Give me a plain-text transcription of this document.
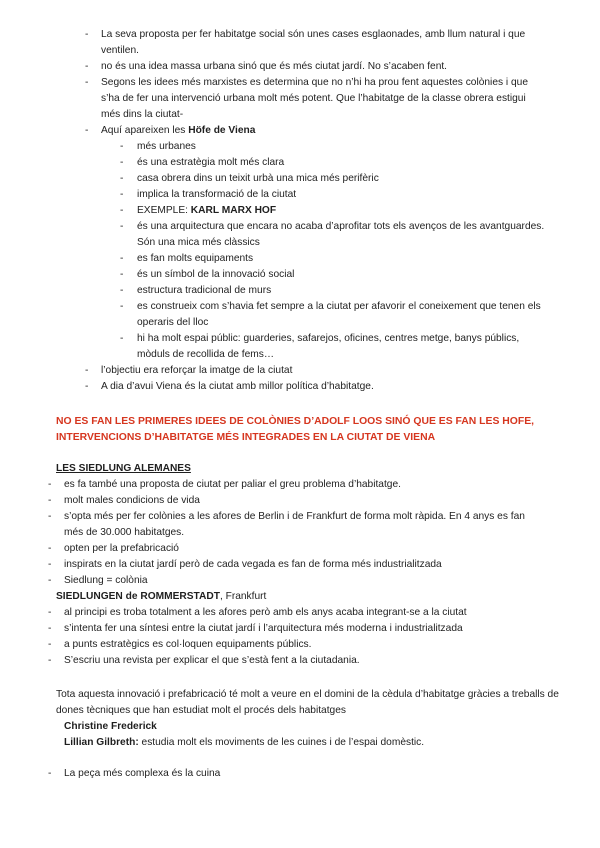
- La seva proposta per fer habitatge social són unes cases esglaonades, amb llum natural i que
ventilen.
- no és una idea massa urbana sinó que és més ciutat jardí. No s’acaben fent.
- Segons les idees més marxistes es determina que no n’hi ha prou fent aquestes colònies i que
s’ha de fer una intervenció urbana molt més potent. Que l’habitatge de la classe obrera estigui
més dins la ciutat-
- Aquí apareixen les Höfe de Viena
- més urbanes
- és una estratègia molt més clara
- casa obrera dins un teixit urbà una mica més perifèric
- implica la transformació de la ciutat
- EXEMPLE: KARL MARX HOF
- és una arquitectura que encara no acaba d’aprofitar tots els avenços de les avantguardes.
Són una mica més clàssics
- es fan molts equipaments
- és un símbol de la innovació social
- estructura tradicional de murs
- es construeix com s’havia fet sempre a la ciutat per afavorir el coneixement que tenen els
operaris del lloc
- hi ha molt espai públic: guarderies, safarejos, oficines, centres metge, banys públics,
mòduls de recollida de fems…
- l’objectiu era reforçar la imatge de la ciutat
- A dia d’avui Viena és la ciutat amb millor política d’habitatge.
NO ES FAN LES PRIMERES IDEES DE COLÒNIES D’ADOLF LOOS SINÓ QUE ES FAN LES HOFE,
INTERVENCIONS D’HABITATGE MÉS INTEGRADES EN LA CIUTAT DE VIENA
LES SIEDLUNG ALEMANES
- es fa també una proposta de ciutat per paliar el greu problema d’habitatge.
- molt males condicions de vida
- s’opta més per fer colònies a les afores de Berlin i de Frankfurt de forma molt ràpida. En 4 anys es fan
més de 30.000 habitatges.
- opten per la prefabricació
- inspirats en la ciutat jardí però de cada vegada es fan de forma més industrialitzada
- Siedlung = colònia
SIEDLUNGEN de ROMMERSTADT, Frankfurt
- al principi es troba totalment a les afores però amb els anys acaba integrant-se a la ciutat
- s’intenta fer una síntesi entre la ciutat jardí i l’arquitectura més moderna i industrialitzada
- a punts estratègics es col·loquen equipaments públics.
- S’escriu una revista per explicar el que s’està fent a la ciutadania.
Tota aquesta innovació i prefabricació té molt a veure en el domini de la cèdula d’habitatge gràcies a treballs de
dones tècniques que han estudiat molt el procés dels habitatges
Christine Frederick
Lillian Gilbreth: estudia molt els moviments de les cuines i de l’espai domèstic.
- La peça més complexa és la cuina
